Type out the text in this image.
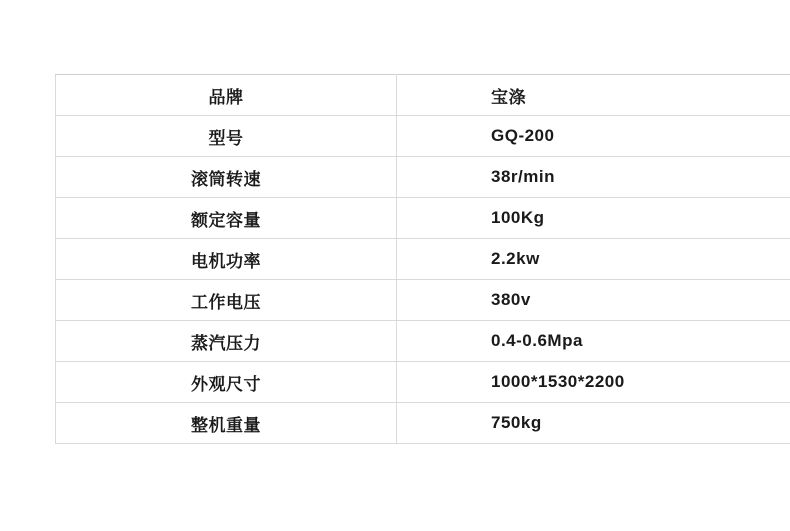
品牌	宝涤
型号	GQ-200
滚筒转速	38r/min
额定容量	100Kg
电机功率	2.2kw
工作电压	380v
蒸汽压力	0.4-0.6Mpa
外观尺寸	1000*1530*2200
整机重量	750kg
